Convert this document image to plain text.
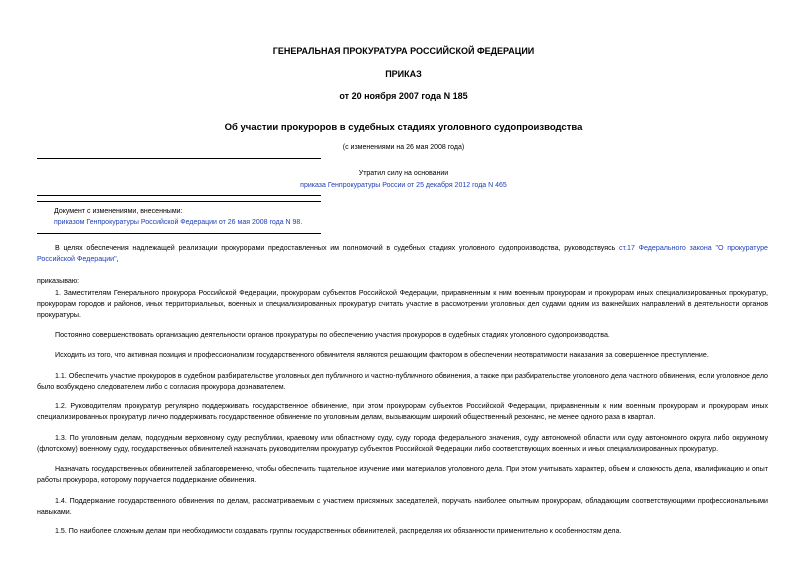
ГЕНЕРАЛЬНАЯ ПРОКУРАТУРА РОССИЙСКОЙ ФЕДЕРАЦИИ
ПРИКАЗ
от 20 ноября 2007 года N 185
Об участии прокуроров в судебных стадиях уголовного судопроизводства
(с изменениями на 26 мая 2008 года)
Утратил силу на основании
приказа Генпрокуратуры России от 25 декабря 2012 года N 465
Документ с изменениями, внесенными:
приказом Генпрокуратуры Российской Федерации от 26 мая 2008 года N 98.
В целях обеспечения надлежащей реализации прокурорами предоставленных им полномочий в судебных стадиях уголовного судопроизводства, руководствуясь ст.17 Федерального закона "О прокуратуре Российской Федерации",
приказываю:
1. Заместителям Генерального прокурора Российской Федерации, прокурорам субъектов Российской Федерации, приравненным к ним военным прокурорам и прокурорам иных специализированных прокуратур, прокурорам городов и районов, иных территориальных, военных и специализированных прокуратур считать участие в рассмотрении уголовных дел судами одним из важнейших направлений в деятельности органов прокуратуры.
Постоянно совершенствовать организацию деятельности органов прокуратуры по обеспечению участия прокуроров в судебных стадиях уголовного судопроизводства.
Исходить из того, что активная позиция и профессионализм государственного обвинителя являются решающим фактором в обеспечении неотвратимости наказания за совершенное преступление.
1.1. Обеспечить участие прокуроров в судебном разбирательстве уголовных дел публичного и частно-публичного обвинения, а также при разбирательстве уголовного дела частного обвинения, если уголовное дело было возбуждено следователем либо с согласия прокурора дознавателем.
1.2. Руководителям прокуратур регулярно поддерживать государственное обвинение, при этом прокурорам субъектов Российской Федерации, приравненным к ним военным прокурорам и прокурорам иных специализированных прокуратур лично поддерживать государственное обвинение по уголовным делам, вызывающим широкий общественный резонанс, не менее одного раза в квартал.
1.3. По уголовным делам, подсудным верховному суду республики, краевому или областному суду, суду города федерального значения, суду автономной области или суду автономного округа либо окружному (флотскому) военному суду, государственных обвинителей назначать руководителям прокуратур субъектов Российской Федерации либо соответствующих военных и иных специализированных прокуратур.
Назначать государственных обвинителей заблаговременно, чтобы обеспечить тщательное изучение ими материалов уголовного дела. При этом учитывать характер, объем и сложность дела, квалификацию и опыт работы прокурора, которому поручается поддержание обвинения.
1.4. Поддержание государственного обвинения по делам, рассматриваемым с участием присяжных заседателей, поручать наиболее опытным прокурорам, обладающим соответствующими профессиональными навыками.
1.5. По наиболее сложным делам при необходимости создавать группы государственных обвинителей, распределяя их обязанности применительно к особенностям дела.
